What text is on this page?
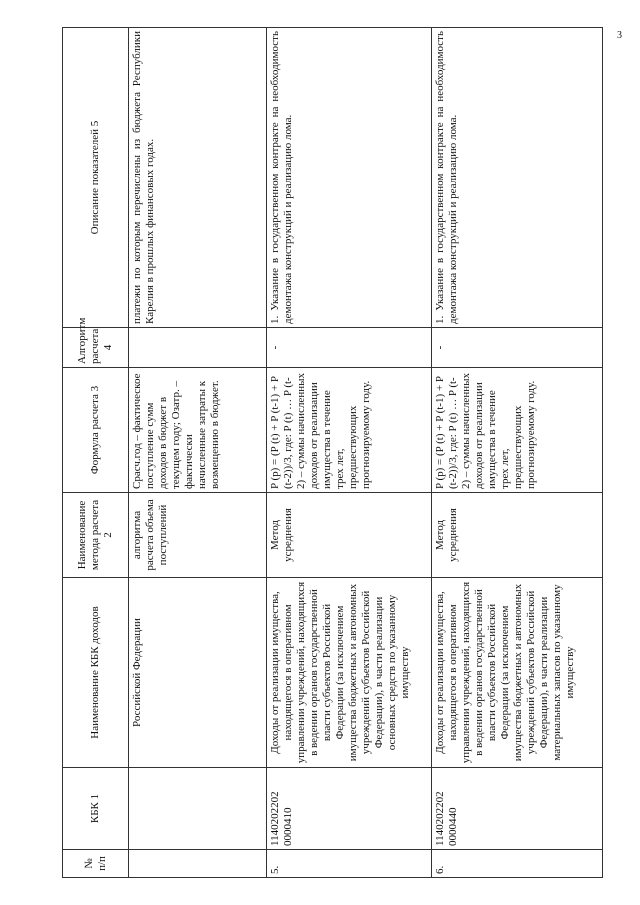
3
№ п/п	КБК 1	Наименование КБК доходов	Наименование метода расчета 2	Формула расчета 3	Алгоритм расчета 4	Описание показателей 5
		Российской Федерации	алгоритма расчета объема поступлений	Срасч.год – фактическое поступление сумм доходов в бюджет в текущем году; Озатр. – фактически начисленные затраты к возмещению в бюджет.		платежи по которым перечислены из бюджета Республики Карелия в прошлых финансовых годах.
5.	1140202202 0000410	Доходы от реализации имущества, находящегося в оперативном управлении учреждений, находящихся в ведении органов государственной власти субъектов Российской Федерации (за исключением имущества бюджетных и автономных учреждений субъектов Российской Федерации), в части реализации основных средств по указанному имуществу	Метод усреднения	P (p) = (P (t) + P (t-1) + P (t-2))/3, где: P (t) … P (t-2) – суммы начисленных доходов от реализации имущества в течение трех лет, предшествующих прогнозируемому году.	-	1. Указание в государственном контракте на необходимость демонтажа конструкций и реализацию лома.
6.	1140202202 0000440	Доходы от реализации имущества, находящегося в оперативном управлении учреждений, находящихся в ведении органов государственной власти субъектов Российской Федерации (за исключением имущества бюджетных и автономных учреждений субъектов Российской Федерации), в части реализации материальных запасов по указанному имуществу	Метод усреднения	P (p) = (P (t) + P (t-1) + P (t-2))/3, где: P (t) … P (t-2) – суммы начисленных доходов от реализации имущества в течение трех лет, предшествующих прогнозируемому году.	-	1. Указание в государственном контракте на необходимость демонтажа конструкций и реализацию лома.
